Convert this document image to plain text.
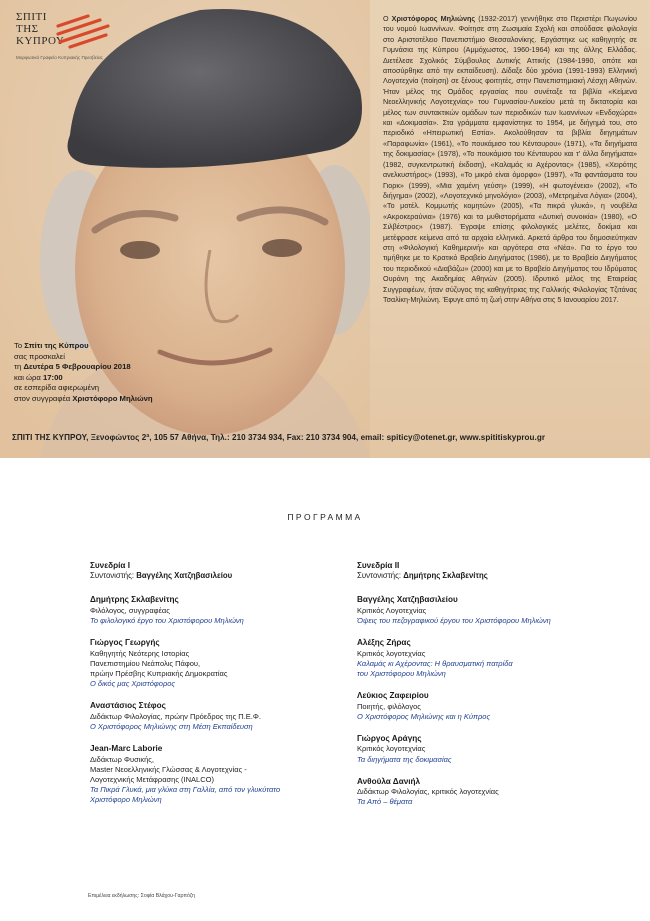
ΣΠΙΤΙ
ΤΗΣ
ΚΥΠΡΟΥ
Μορφωτικό Γραφείο Κυπριακής Πρεσβείας
Ο Χριστόφορος Μηλιώνης (1932-2017) γεννήθηκε στο Περιστέρι Πωγωνίου του νομού Ιωαννίνων. Φοίτησε στη Ζωσιμαία Σχολή και σπούδασε φιλολογία στο Αριστοτέλειο Πανεπιστήμιο Θεσσαλονίκης. Εργάστηκε ως καθηγητής σε Γυμνάσια της Κύπρου (Αμμόχωστος, 1960-1964) και της άλλης Ελλάδας. Διετέλεσε Σχολικός Σύμβουλος Δυτικής Αττικής (1984-1990, οπότε και αποσύρθηκε από την εκπαίδευση). Δίδαξε δύο χρόνια (1991-1993) Ελληνική Λογοτεχνία (ποίηση) σε ξένους φοιτητές, στην Πανεπιστημιακή Λέσχη Αθηνών. Ήταν μέλος της Ομάδος εργασίας που συνέταξε τα βιβλία «Κείμενα Νεοελληνικής Λογοτεχνίας» του Γυμνασίου-Λυκείου μετά τη δικτατορία και μέλος των συντακτικών ομάδων των περιοδικών των Ιωαννίνων «Ενδοχώρα» και «Δοκιμασία». Στα γράμματα εμφανίστηκε το 1954, με διήγημά του, στο περιοδικό «Ηπειρωτική Εστία». Ακολούθησαν τα βιβλία διηγημάτων «Παραφωνία» (1961), «Το πουκάμισο του Κένταυρου» (1971), «Τα διηγήματα της δοκιμασίας» (1978), «Το πουκάμισο του Κένταυρου και τ' άλλα διηγήματα» (1982, συγκεντρωτική έκδοση), «Καλαμάς κι Αχέροντας» (1985), «Χειρότης ανελκυστήρος» (1993), «Το μικρό είναι όμορφο» (1997), «Τα φαντάσματα του Γιορκ» (1999), «Μια χαμένη γεύση» (1999), «Η φωτογένεια» (2002), «Το διήγημα» (2002), «Λογοτεχνικό μηνολόγιο» (2003), «Μετρημένα Λόγια» (2004), «Το μοτέλ. Κομμωτής κομητών» (2005), «Τα πικρά γλυκά», η νουβέλα «Ακροκεραύνια» (1976) και τα μυθιστορήματα «Δυτική συνοικία» (1980), «Ο Σιλβέστρος» (1987). Έγραψε επίσης φιλολογικές μελέτες, δοκίμια και μετέφρασε κείμενα από τα αρχαία ελληνικά. Αρκετά άρθρα του δημοσιεύτηκαν στη «Φιλολογική Καθημερινή» και αργότερα στα «Νέα». Για το έργο του τιμήθηκε με το Κρατικό Βραβείο Διηγήματος (1986), με το Βραβείο Διηγήματος του περιοδικού «Διαβάζω» (2000) και με το Βραβείο Διηγήματος του Ιδρύματος Ουράνη της Ακαδημίας Αθηνών (2005). Ιδρυτικό μέλος της Εταιρείας Συγγραφέων, ήταν σύζυγος της καθηγήτριας της Γαλλικής Φιλολογίας Τζιτάνας Τσαλίκη-Μηλιώνη. Έφυγε από τη ζωή στην Αθήνα στις 5 Ιανουαρίου 2017.
Το Σπίτι της Κύπρου
σας προσκαλεί
τη Δευτέρα 5 Φεβρουαρίου 2018
και ώρα 17:00
σε εσπερίδα αφιερωμένη
στον συγγραφέα Χριστόφορο Μηλιώνη
ΣΠΙΤΙ ΤΗΣ ΚΥΠΡΟΥ, Ξενοφώντος 2ª, 105 57 Αθήνα, Τηλ.: 210 3734 934, Fax: 210 3734 904, email: spiticy@otenet.gr, www.spititiskyprou.gr
ΠΡΟΓΡΑΜΜΑ
Συνεδρία Ι
Συντονιστής: Βαγγέλης Χατζηβασιλείου
Δημήτρης Σκλαβενίτης
Φιλόλογος, συγγραφέας
Το φιλολογικό έργο του Χριστόφορου Μηλιώνη
Γιώργος Γεωργής
Καθηγητής Νεότερης Ιστορίας
Πανεπιστημίου Νεάπολις Πάφου,
πρώην Πρέσβης Κυπριακής Δημοκρατίας
Ο δικός μας Χριστόφορος
Αναστάσιος Στέφος
Διδάκτωρ Φιλολογίας, πρώην Πρόεδρος της Π.Ε.Φ.
Ο Χριστόφορος Μηλιώνης στη Μέση Εκπαίδευση
Jean-Marc Laborie
Διδάκτωρ Φυσικής,
Master Νεοελληνικής Γλώσσας & Λογοτεχνίας -
Λογοτεχνικής Μετάφρασης (INALCO)
Τα Πικρά Γλυκά, μια γλύκα στη Γαλλία, από τον γλυκύτατο
Χριστόφορο Μηλιώνη
Συνεδρία ΙΙ
Συντονιστής: Δημήτρης Σκλαβενίτης
Βαγγέλης Χατζηβασιλείου
Κριτικός Λογοτεχνίας
Όψεις του πεζογραφικού έργου του Χριστόφορου Μηλιώνη
Αλέξης Ζήρας
Κριτικός λογοτεχνίας
Καλαμάς κι Αχέροντας: Η θραυσματική πατρίδα
του Χριστόφορου Μηλιώνη
Λεύκιος Ζαφειρίου
Ποιητής, φιλόλογος
Ο Χριστόφορος Μηλιώνης και η Κύπρος
Γιώργος Αράγης
Κριτικός λογοτεχνίας
Τα διηγήματα της δοκιμασίας
Ανθούλα Δανιήλ
Διδάκτωρ Φιλολογίας, κριτικός λογοτεχνίας
Τα Από – θέματα
Επιμέλεια εκδήλωσης: Σοφία Βλάχου-Γαρπόζη
